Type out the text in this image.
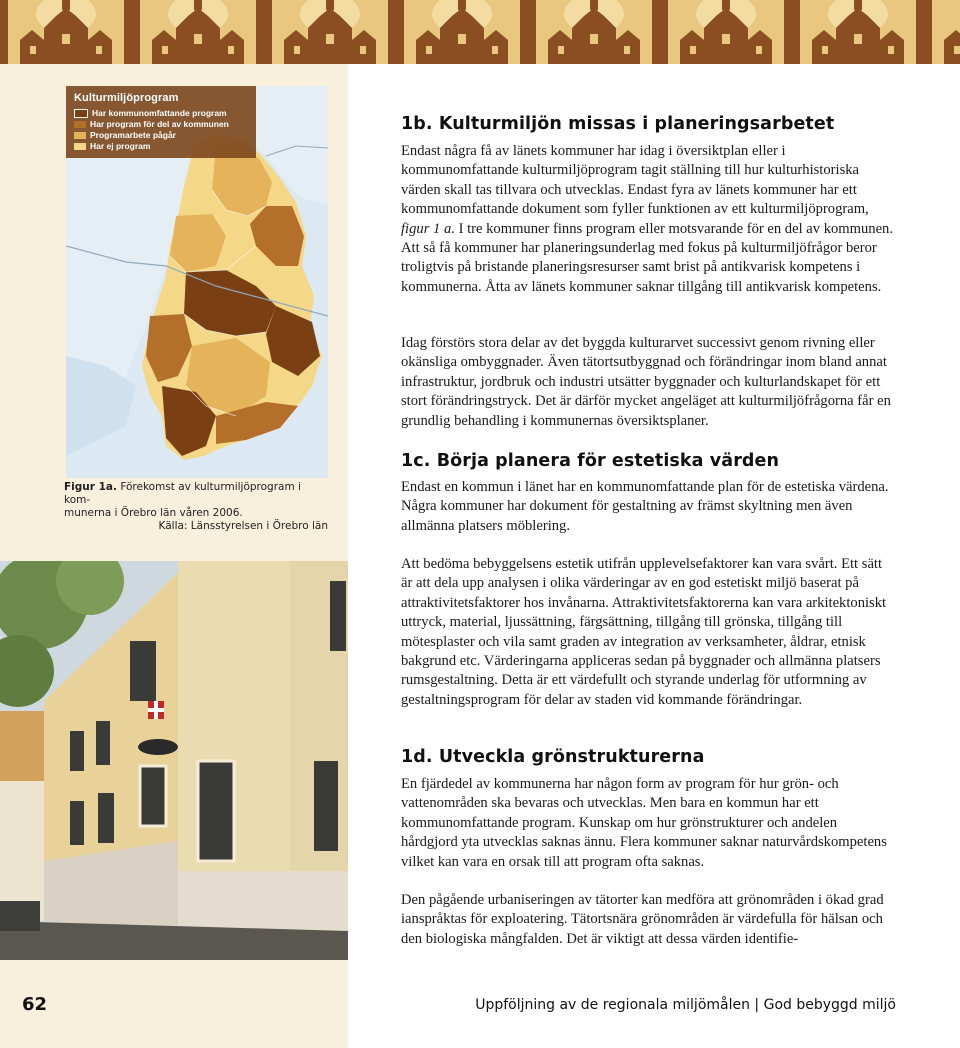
Kulturmiljöprogram
Har kommunomfattande program
Har program för del av kommunen
Programarbete pågår
Har ej program
Figur 1a. Förekomst av kulturmiljöprogram i kom-
munerna i Örebro län våren 2006.
Källa: Länsstyrelsen i Örebro län
1b. Kulturmiljön missas i planeringsarbetet

Endast några få av länets kommuner har idag i översiktplan eller i kommunomfattande kulturmiljöprogram tagit ställning till hur kulturhistoriska värden skall tas tillvara och utvecklas. Endast fyra av länets kommuner har ett kommunomfattande dokument som fyller funktionen av ett kulturmiljöprogram, figur 1 a. I tre kommuner finns program eller motsvarande för en del av kommunen. Att så få kommuner har planeringsunderlag med fokus på kulturmiljöfrågor beror troligtvis på bristande planeringsresurser samt brist på antikvarisk kompetens i kommunerna. Åtta av länets kommuner saknar tillgång till antikvarisk kompetens.

Idag förstörs stora delar av det byggda kulturarvet successivt genom rivning eller okänsliga ombyggnader. Även tätortsutbyggnad och förändringar inom bland annat infrastruktur, jordbruk och industri utsätter byggnader och kulturlandskapet för ett stort förändringstryck. Det är därför mycket angeläget att kulturmiljöfrågorna får en grundlig behandling i kommunernas översiktsplaner.

1c. Börja planera för estetiska värden

Endast en kommun i länet har en kommunomfattande plan för de estetiska värdena. Några kommuner har dokument för gestaltning av främst skyltning men även allmänna platsers möblering.

Att bedöma bebyggelsens estetik utifrån upplevelsefaktorer kan vara svårt. Ett sätt är att dela upp analysen i olika värderingar av en god estetiskt miljö baserat på attraktivitetsfaktorer hos invånarna. Attraktivitetsfaktorerna kan vara arkitektoniskt uttryck, material, ljussättning, färgsättning, tillgång till grönska, tillgång till mötesplaster och vila samt graden av integration av verksamheter, åldrar, etnisk bakgrund etc. Värderingarna appliceras sedan på byggnader och allmänna platsers rumsgestaltning. Detta är ett värdefullt och styrande underlag för utformning av gestaltningsprogram för delar av staden vid kommande förändringar.

1d. Utveckla grönstrukturerna

En fjärdedel av kommunerna har någon form av program för hur grön- och vattenområden ska bevaras och utvecklas. Men bara en kommun har ett kommunomfattande program. Kunskap om hur grönstrukturer och andelen hårdgjord yta utvecklas saknas ännu. Flera kommuner saknar naturvårdskompetens vilket kan vara en orsak till att program ofta saknas.

Den pågående urbaniseringen av tätorter kan medföra att grönområden i ökad grad ianspråktas för exploatering. Tätortsnära grönområden är värdefulla för hälsan och den biologiska mångfalden. Det är viktigt att dessa värden identifie-

62	Uppföljning av de regionala miljömålen | God bebyggd miljö
